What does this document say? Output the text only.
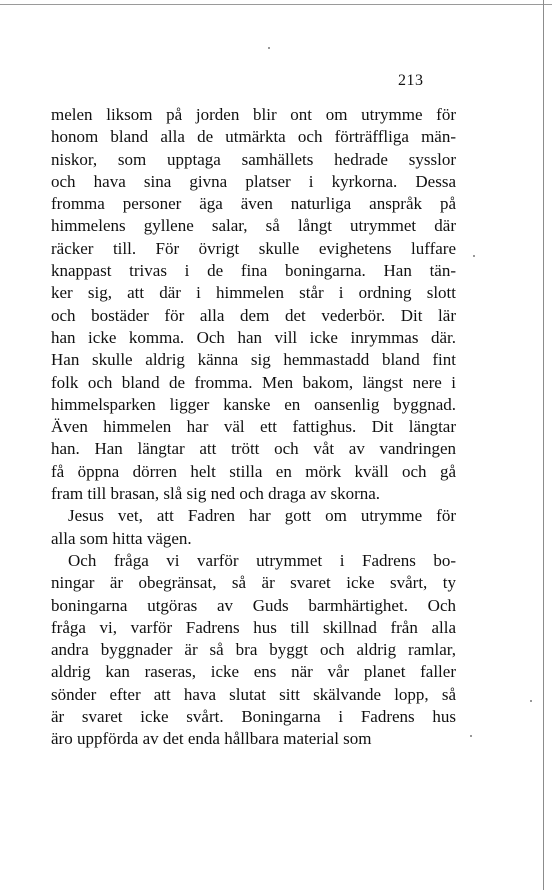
213

melen liksom på jorden blir ont om utrymme för
honom bland alla de utmärkta och förträffliga män-
niskor, som upptaga samhällets hedrade sysslor
och hava sina givna platser i kyrkorna. Dessa
fromma personer äga även naturliga anspråk på
himmelens gyllene salar, så långt utrymmet där
räcker till. För övrigt skulle evighetens luffare
knappast trivas i de fina boningarna. Han tän-
ker sig, att där i himmelen står i ordning slott
och bostäder för alla dem det vederbör. Dit lär
han icke komma. Och han vill icke inrymmas där.
Han skulle aldrig känna sig hemmastadd bland fint
folk och bland de fromma. Men bakom, längst nere i
himmelsparken ligger kanske en oansenlig byggnad.
Även himmelen har väl ett fattighus. Dit längtar
han. Han längtar att trött och våt av vandringen
få öppna dörren helt stilla en mörk kväll och gå
fram till brasan, slå sig ned och draga av skorna.
Jesus vet, att Fadren har gott om utrymme för
alla som hitta vägen.
Och fråga vi varför utrymmet i Fadrens bo-
ningar är obegränsat, så är svaret icke svårt, ty
boningarna utgöras av Guds barmhärtighet. Och
fråga vi, varför Fadrens hus till skillnad från alla
andra byggnader är så bra byggt och aldrig ramlar,
aldrig kan raseras, icke ens när vår planet faller
sönder efter att hava slutat sitt skälvande lopp, så
är svaret icke svårt. Boningarna i Fadrens hus
äro uppförda av det enda hållbara material som
